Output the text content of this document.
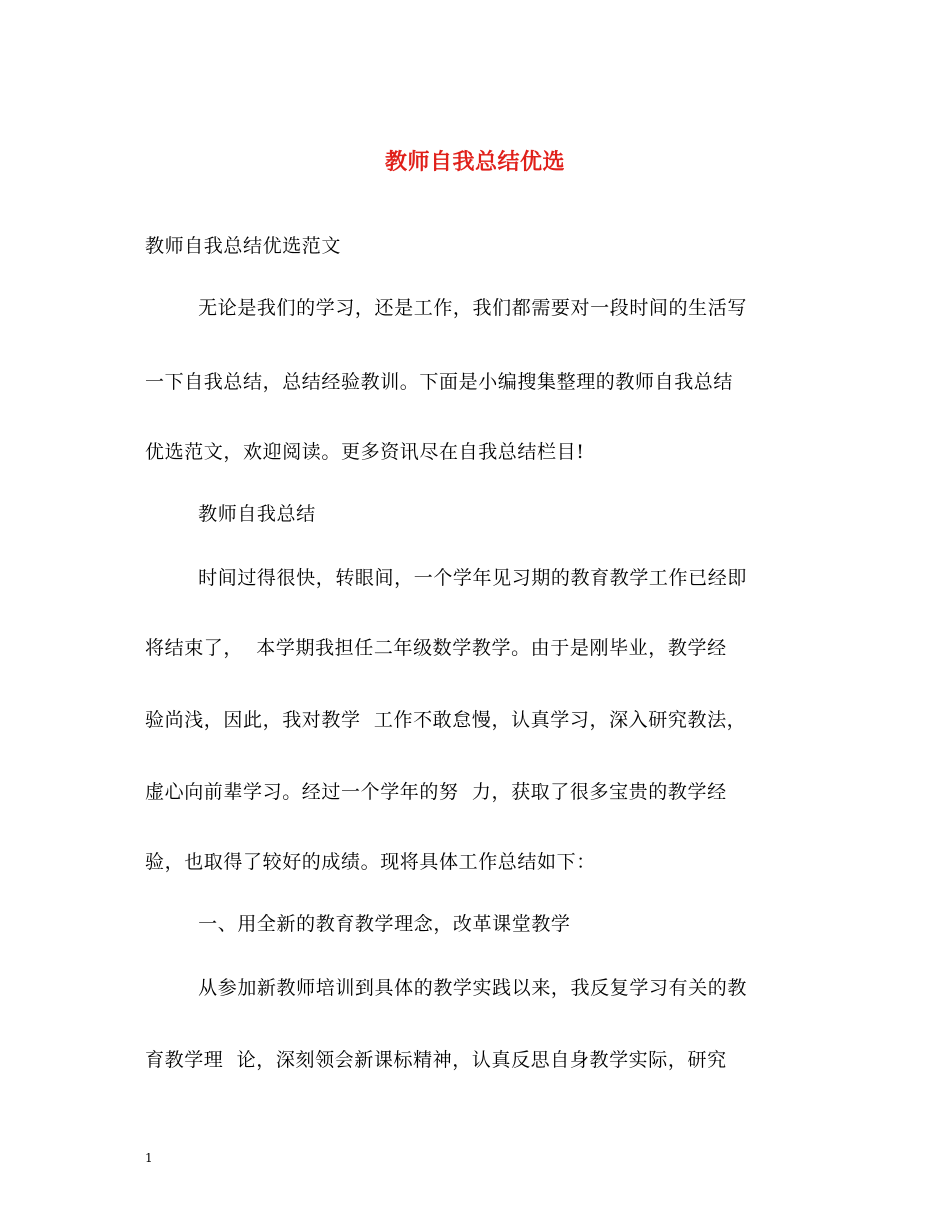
教师自我总结优选
教师自我总结优选范文
无论是我们的学习，还是工作，我们都需要对一段时间的生活写
一下自我总结，总结经验教训。下面是小编搜集整理的教师自我总结
优选范文，欢迎阅读。更多资讯尽在自我总结栏目!
教师自我总结
时间过得很快，转眼间，一个学年见习期的教育教学工作已经即
将结束了，  本学期我担任二年级数学教学。由于是刚毕业，教学经
验尚浅，因此，我对教学  工作不敢怠慢，认真学习，深入研究教法，
虚心向前辈学习。经过一个学年的努  力，获取了很多宝贵的教学经
验，也取得了较好的成绩。现将具体工作总结如下：
一、用全新的教育教学理念，改革课堂教学
从参加新教师培训到具体的教学实践以来，我反复学习有关的教
育教学理  论，深刻领会新课标精神，认真反思自身教学实际，研究
1
